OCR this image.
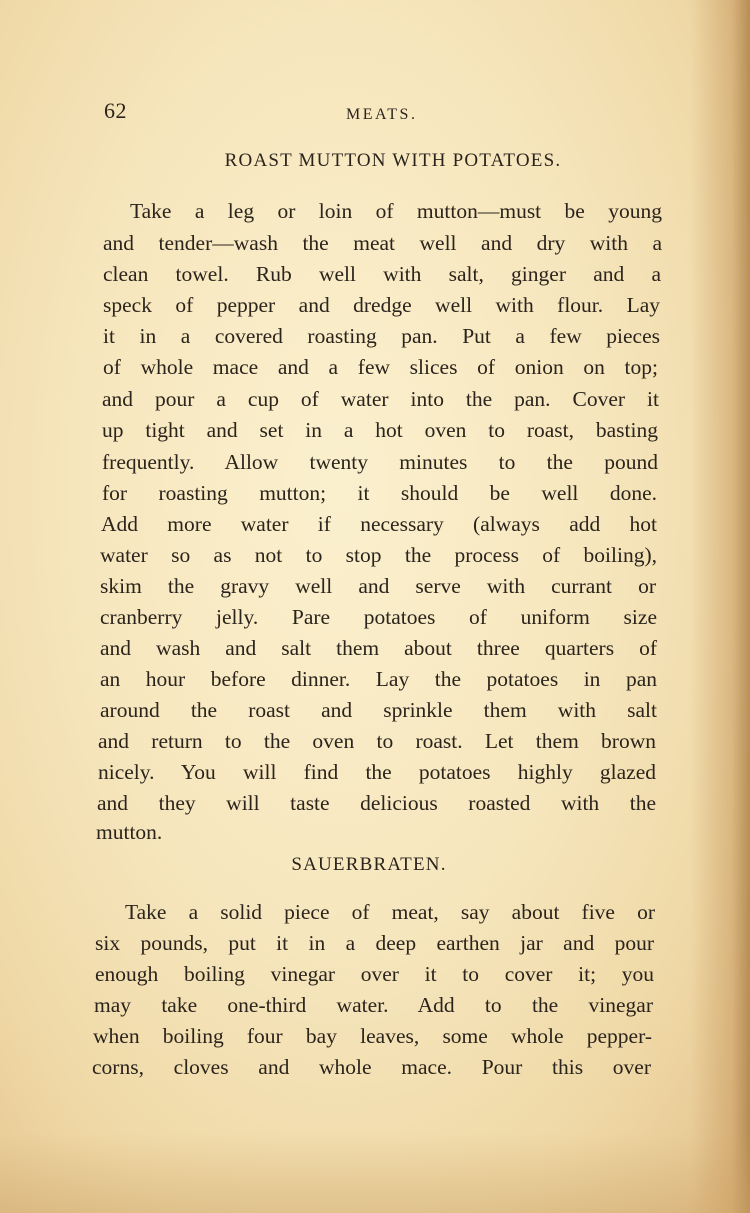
62	MEATS.
ROAST MUTTON WITH POTATOES.
Take a leg or loin of mutton—must be young
and tender—wash the meat well and dry with a
clean towel. Rub well with salt, ginger and a
speck of pepper and dredge well with flour. Lay
it in a covered roasting pan. Put a few pieces
of whole mace and a few slices of onion on top;
and pour a cup of water into the pan. Cover it
up tight and set in a hot oven to roast, basting
frequently. Allow twenty minutes to the pound
for roasting mutton; it should be well done.
Add more water if necessary (always add hot
water so as not to stop the process of boiling),
skim the gravy well and serve with currant or
cranberry jelly. Pare potatoes of uniform size
and wash and salt them about three quarters of
an hour before dinner. Lay the potatoes in pan
around the roast and sprinkle them with salt
and return to the oven to roast. Let them brown
nicely. You will find the potatoes highly glazed
and they will taste delicious roasted with the
mutton.
SAUERBRATEN.
Take a solid piece of meat, say about five or
six pounds, put it in a deep earthen jar and pour
enough boiling vinegar over it to cover it; you
may take one-third water. Add to the vinegar
when boiling four bay leaves, some whole pepper-
corns, cloves and whole mace. Pour this over
